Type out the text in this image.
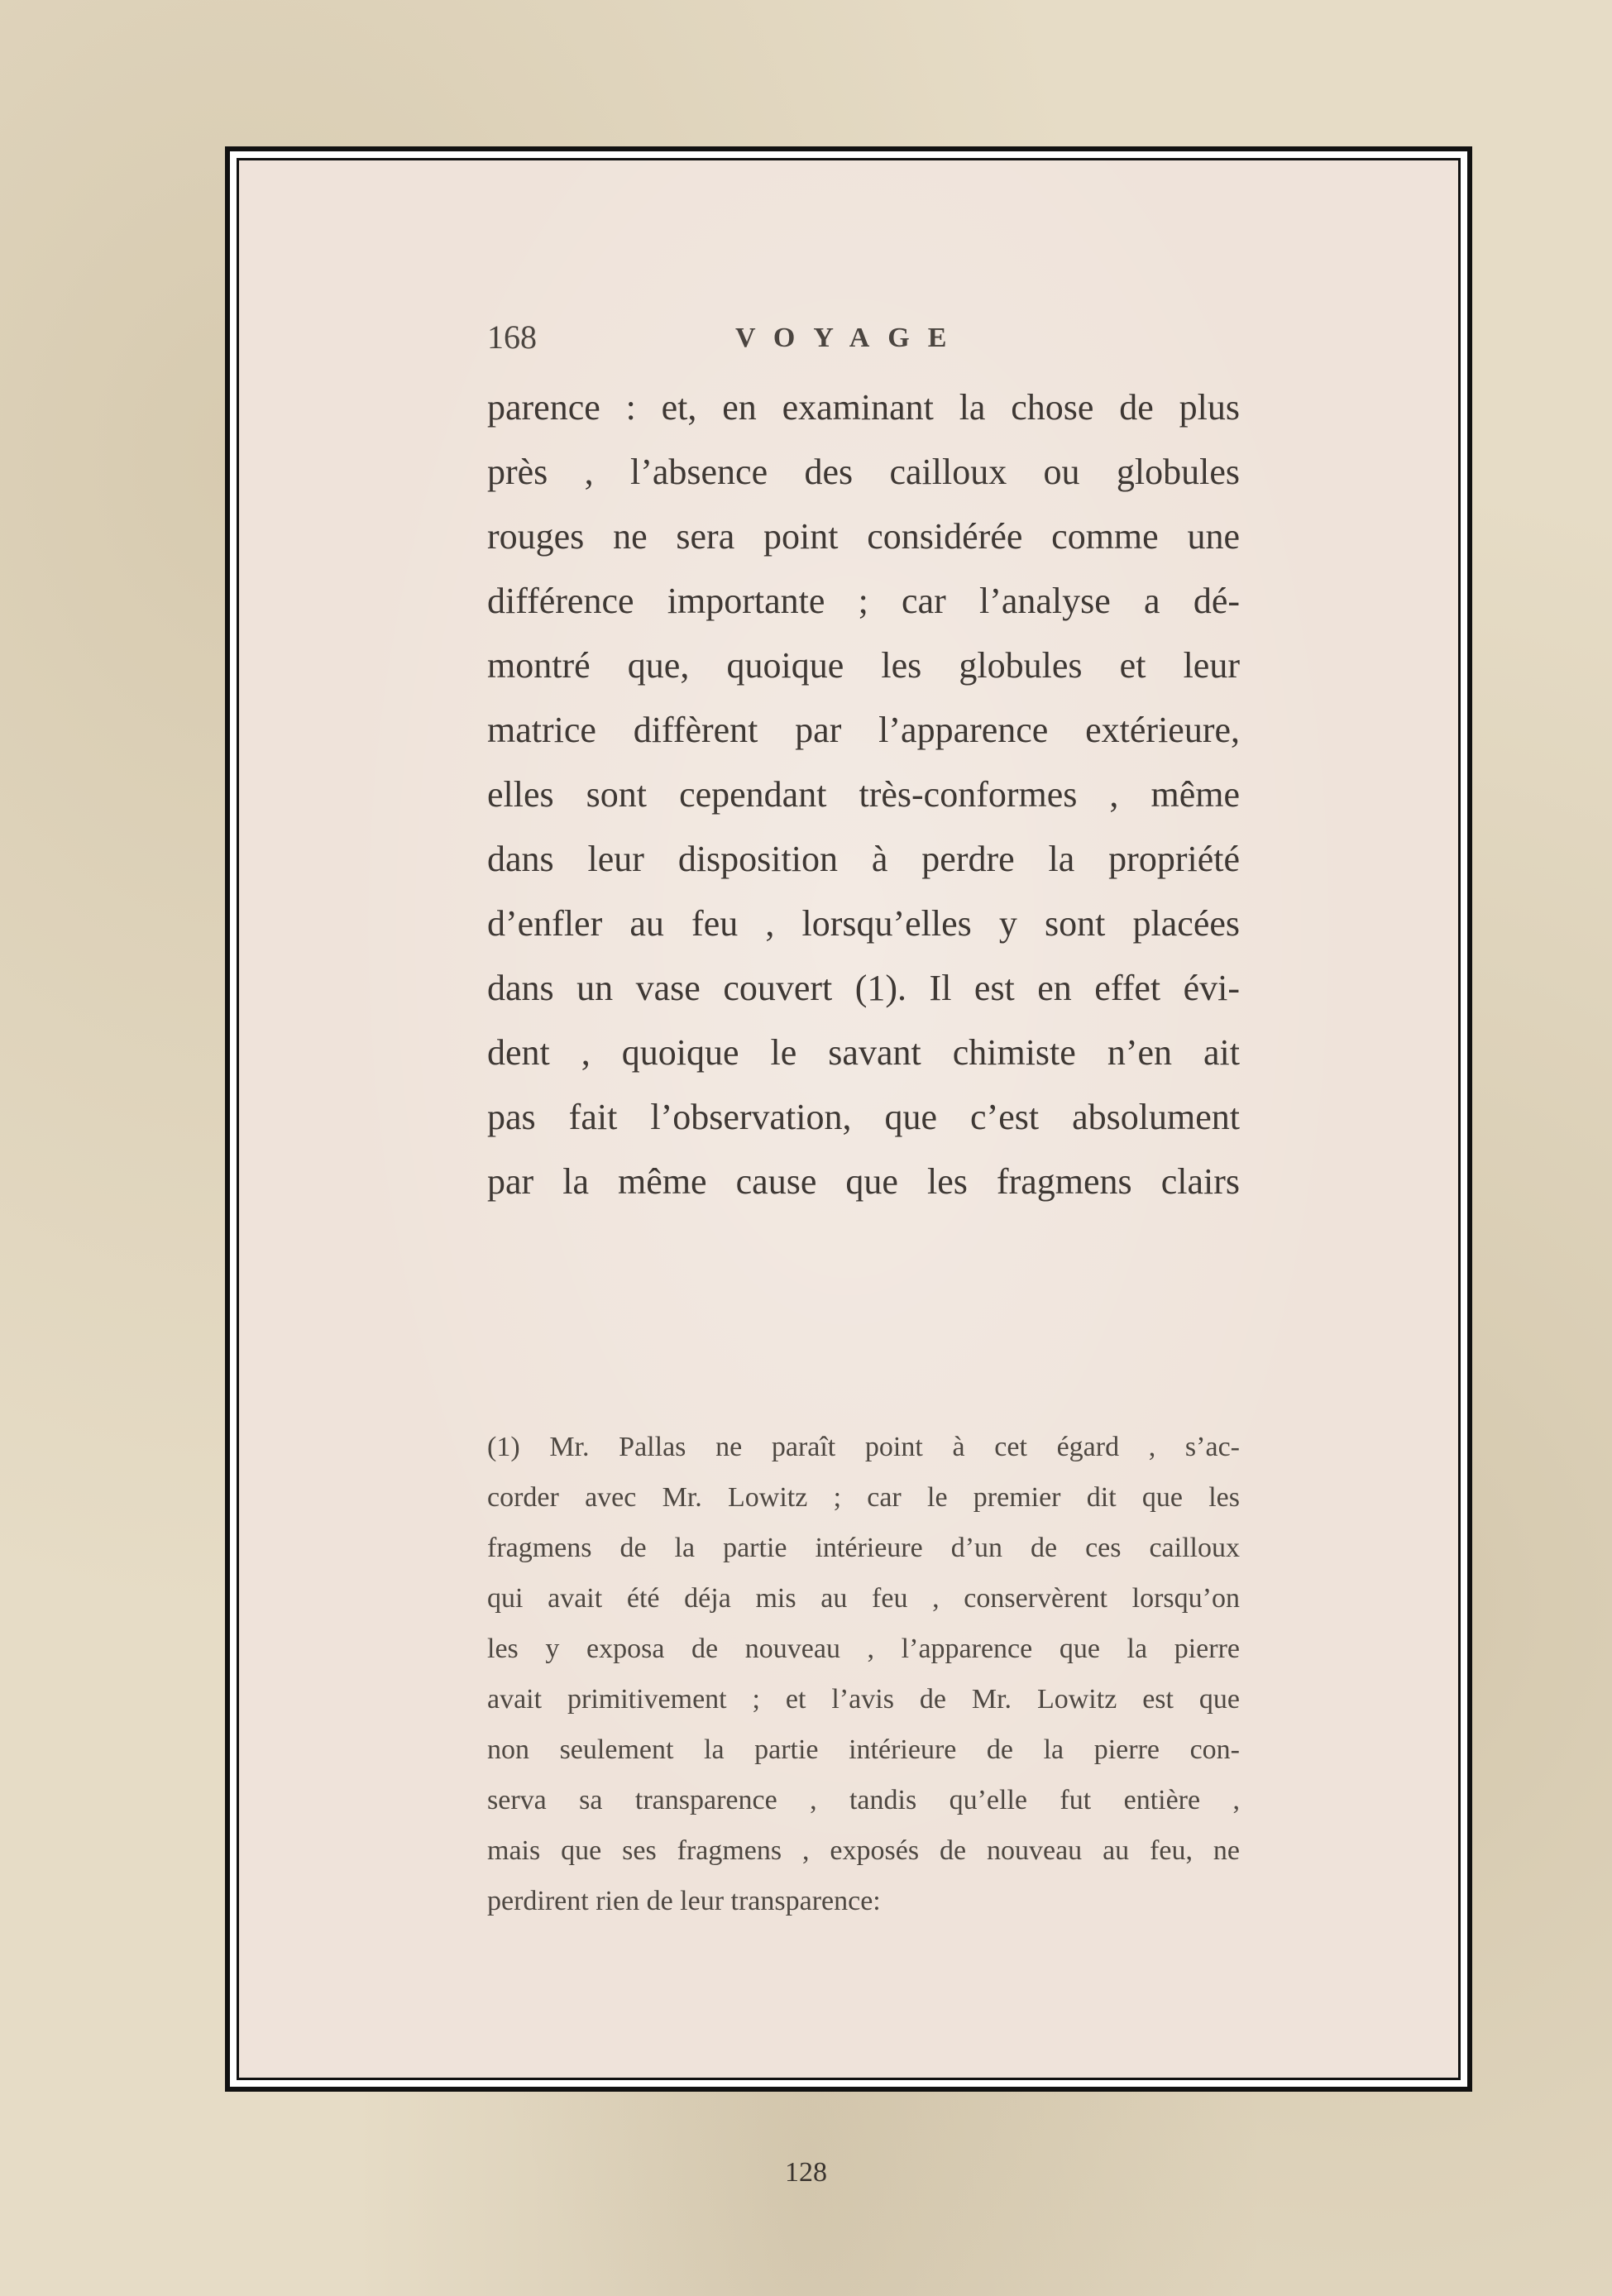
168	VOYAGE
parence : et, en examinant la chose de plus
près , l’absence des cailloux ou globules
rouges ne sera point considérée comme une
différence importante ; car l’analyse a dé-
montré que, quoique les globules et leur
matrice diffèrent par l’apparence extérieure,
elles sont cependant très-conformes , même
dans leur disposition à perdre la propriété
d’enfler au feu , lorsqu’elles y sont placées
dans un vase couvert (1). Il est en effet évi-
dent , quoique le savant chimiste n’en ait
pas fait l’observation, que c’est absolument
par la même cause que les fragmens clairs
(1) Mr. Pallas ne paraît point à cet égard , s’ac-
corder avec Mr. Lowitz ; car le premier dit que les
fragmens de la partie intérieure d’un de ces cailloux
qui avait été déja mis au feu , conservèrent lorsqu’on
les y exposa de nouveau , l’apparence que la pierre
avait primitivement ; et l’avis de Mr. Lowitz est que
non seulement la partie intérieure de la pierre con-
serva sa transparence , tandis qu’elle fut entière ,
mais que ses fragmens , exposés de nouveau au feu, ne
perdirent rien de leur transparence:
128
